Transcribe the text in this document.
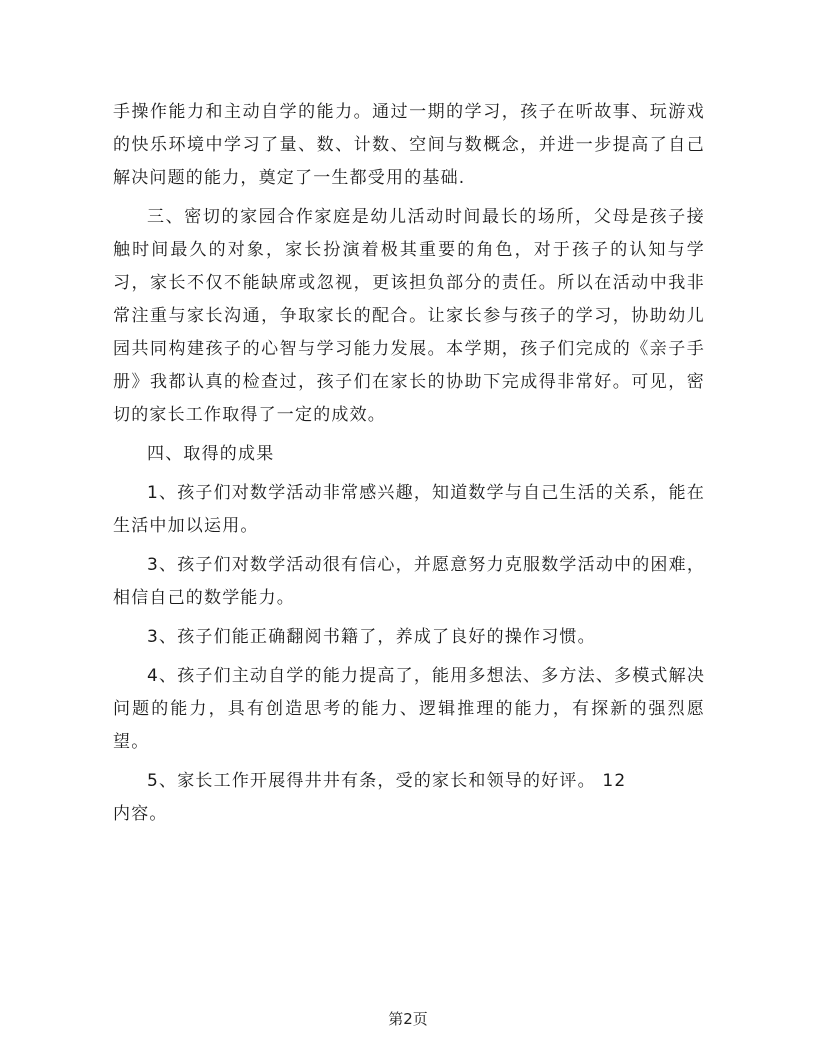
手操作能力和主动自学的能力。通过一期的学习，孩子在听故事、玩游戏的快乐环境中学习了量、数、计数、空间与数概念，并进一步提高了自己解决问题的能力，奠定了一生都受用的基础.

三、密切的家园合作家庭是幼儿活动时间最长的场所，父母是孩子接触时间最久的对象，家长扮演着极其重要的角色，对于孩子的认知与学习，家长不仅不能缺席或忽视，更该担负部分的责任。所以在活动中我非常注重与家长沟通，争取家长的配合。让家长参与孩子的学习，协助幼儿园共同构建孩子的心智与学习能力发展。本学期，孩子们完成的《亲子手册》我都认真的检查过，孩子们在家长的协助下完成得非常好。可见，密切的家长工作取得了一定的成效。

四、取得的成果

1、孩子们对数学活动非常感兴趣，知道数学与自己生活的关系，能在生活中加以运用。

3、孩子们对数学活动很有信心，并愿意努力克服数学活动中的困难，相信自己的数学能力。

3、孩子们能正确翻阅书籍了，养成了良好的操作习惯。

4、孩子们主动自学的能力提高了，能用多想法、多方法、多模式解决问题的能力，具有创造思考的能力、逻辑推理的能力，有探新的强烈愿望。

5、家长工作开展得井井有条，受的家长和领导的好评。 12

内容。

第2页
